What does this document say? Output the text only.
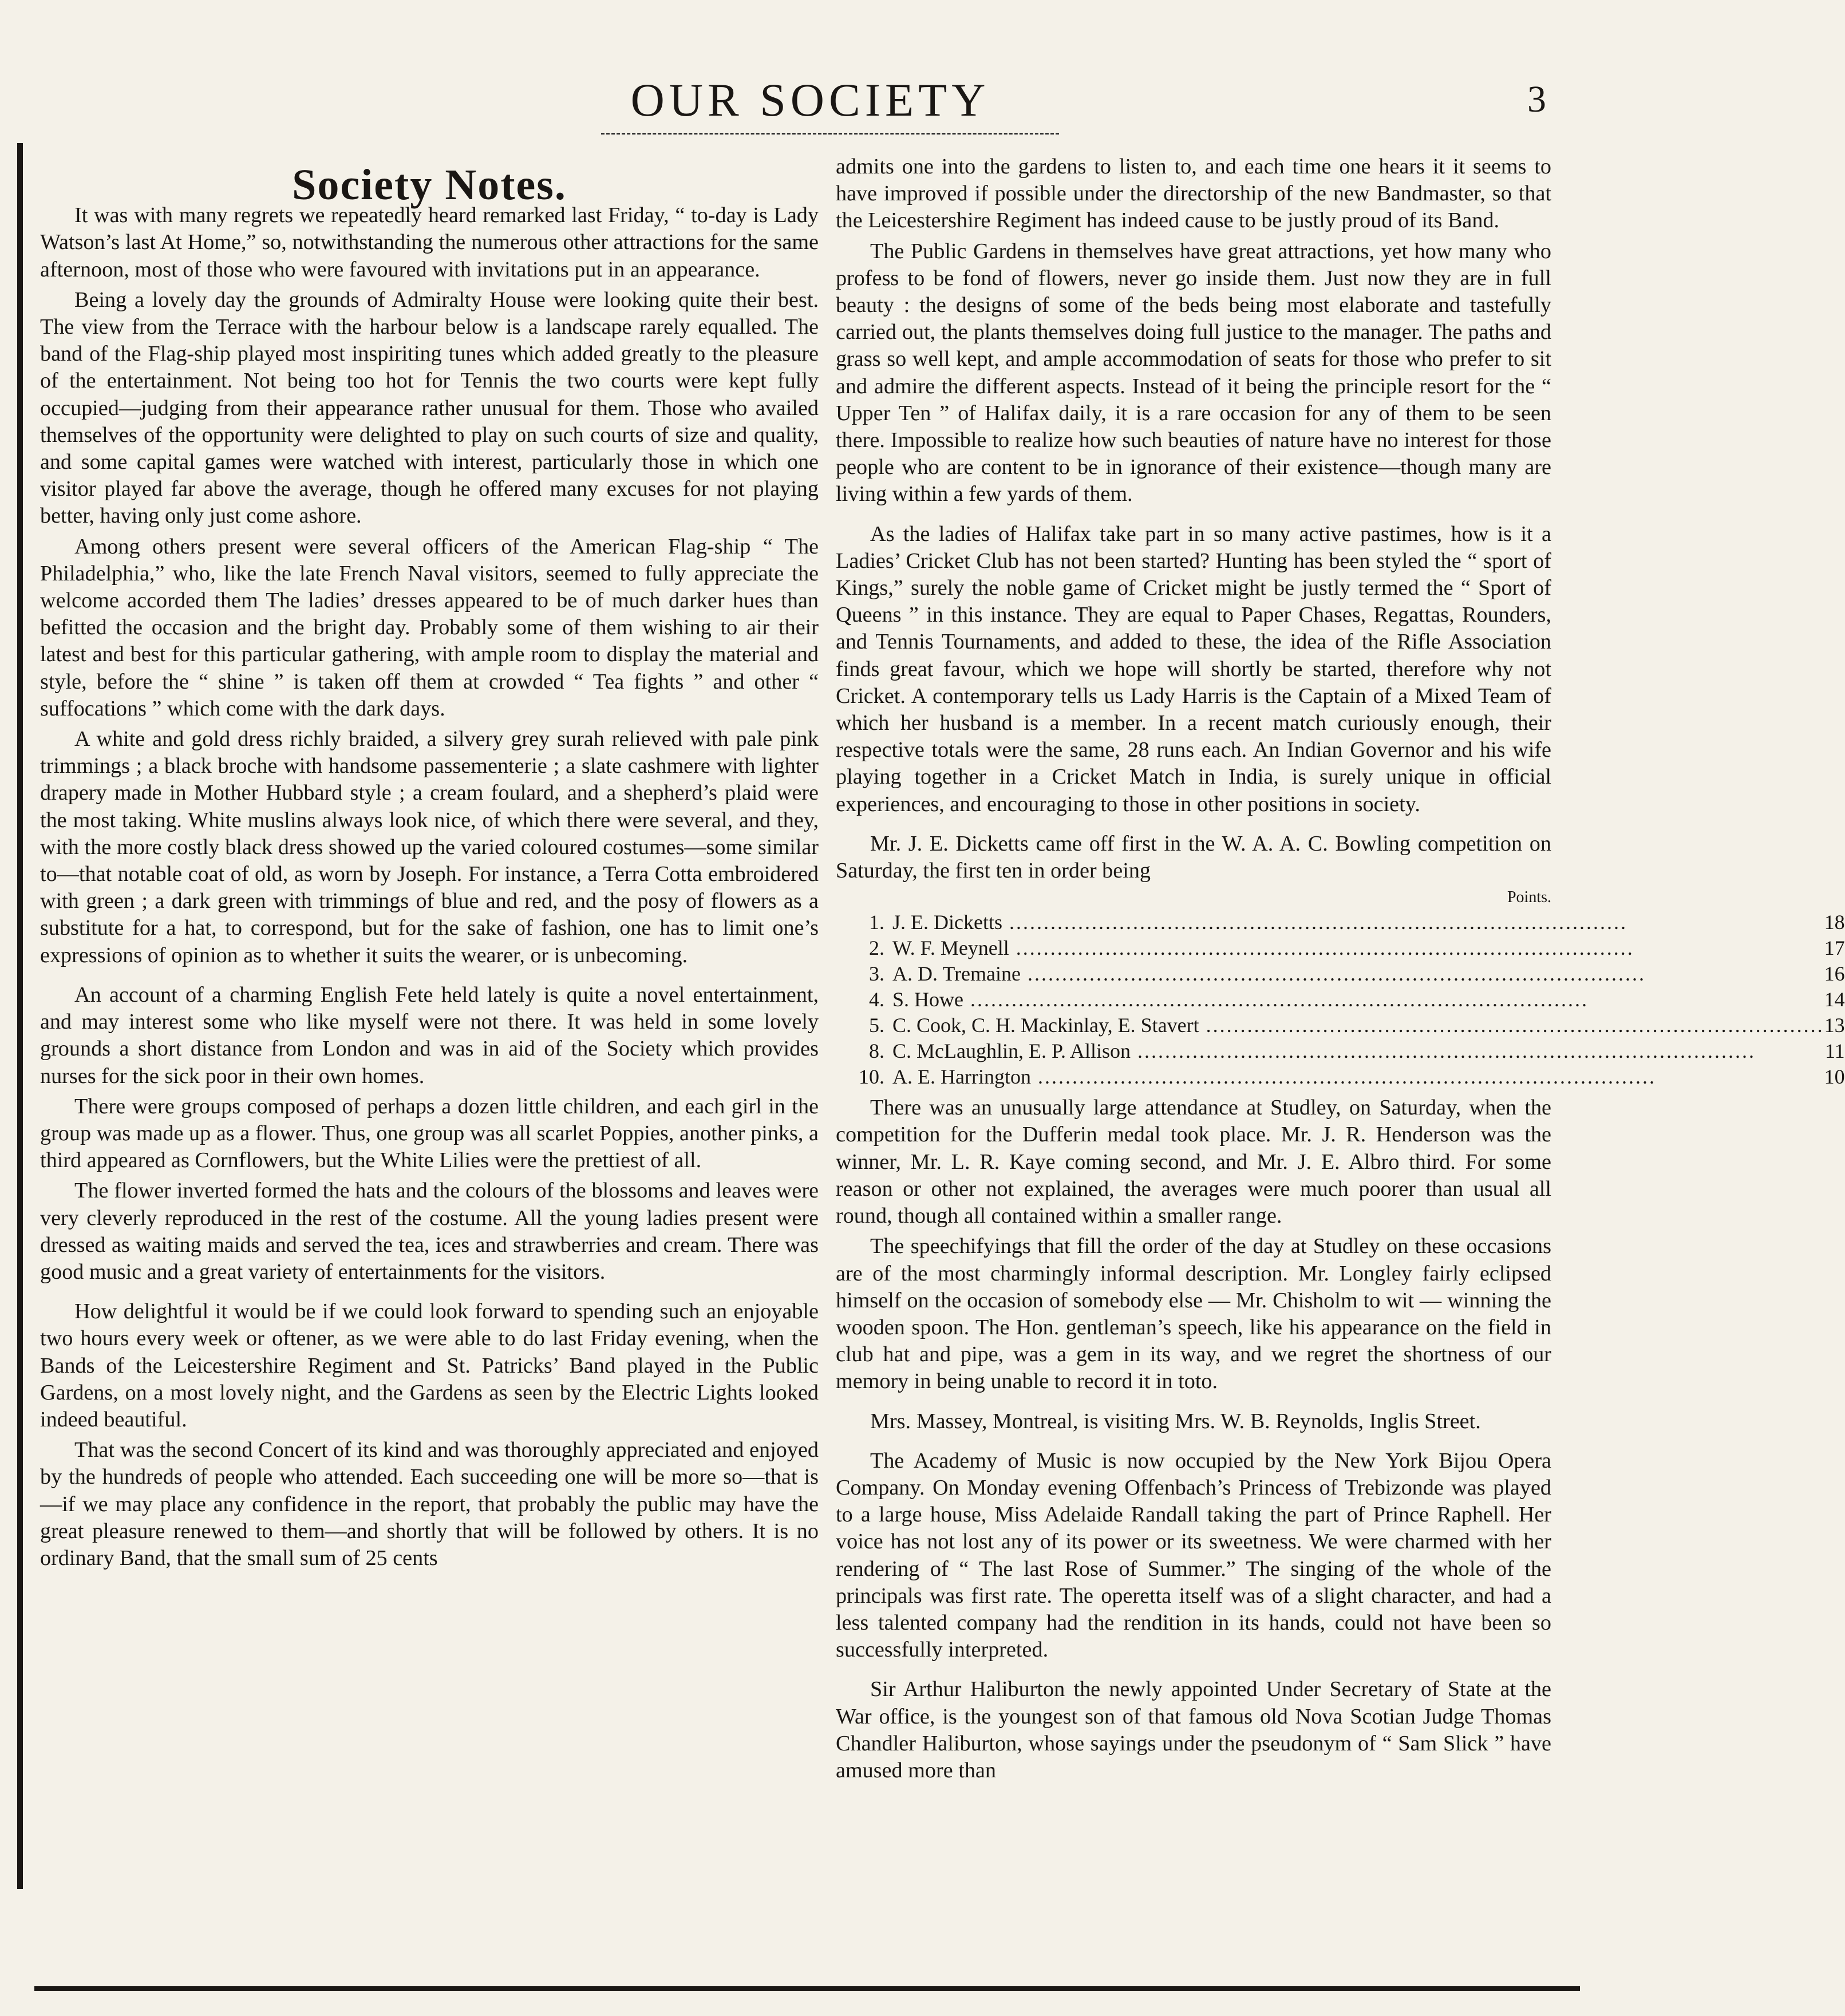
OUR SOCIETY	3

Society Notes.

It was with many regrets we repeatedly heard remarked last Friday, “ to-day is Lady Watson’s last At Home,” so, notwithstanding the numerous other attractions for the same afternoon, most of those who were favoured with invitations put in an appearance.

Being a lovely day the grounds of Admiralty House were looking quite their best. The view from the Terrace with the harbour below is a landscape rarely equalled. The band of the Flag-ship played most inspiriting tunes which added greatly to the pleasure of the entertainment. Not being too hot for Tennis the two courts were kept fully occupied—judging from their appearance rather unusual for them. Those who availed themselves of the opportunity were delighted to play on such courts of size and quality, and some capital games were watched with interest, particularly those in which one visitor played far above the average, though he offered many excuses for not playing better, having only just come ashore.

Among others present were several officers of the American Flag-ship “ The Philadelphia,” who, like the late French Naval visitors, seemed to fully appreciate the welcome accorded them The ladies’ dresses appeared to be of much darker hues than befitted the occasion and the bright day. Probably some of them wishing to air their latest and best for this particular gathering, with ample room to display the material and style, before the “ shine ” is taken off them at crowded “ Tea fights ” and other “ suffocations ” which come with the dark days.

A white and gold dress richly braided, a silvery grey surah relieved with pale pink trimmings ; a black broche with handsome passementerie ; a slate cashmere with lighter drapery made in Mother Hubbard style ; a cream foulard, and a shepherd’s plaid were the most taking. White muslins always look nice, of which there were several, and they, with the more costly black dress showed up the varied coloured costumes—some similar to—that notable coat of old, as worn by Joseph. For instance, a Terra Cotta embroidered with green ; a dark green with trimmings of blue and red, and the posy of flowers as a substitute for a hat, to correspond, but for the sake of fashion, one has to limit one’s expressions of opinion as to whether it suits the wearer, or is unbecoming.

An account of a charming English Fete held lately is quite a novel entertainment, and may interest some who like myself were not there. It was held in some lovely grounds a short distance from London and was in aid of the Society which provides nurses for the sick poor in their own homes.

There were groups composed of perhaps a dozen little children, and each girl in the group was made up as a flower. Thus, one group was all scarlet Poppies, another pinks, a third appeared as Cornflowers, but the White Lilies were the prettiest of all.

The flower inverted formed the hats and the colours of the blossoms and leaves were very cleverly reproduced in the rest of the costume. All the young ladies present were dressed as waiting maids and served the tea, ices and strawberries and cream. There was good music and a great variety of entertainments for the visitors.

How delightful it would be if we could look forward to spending such an enjoyable two hours every week or oftener, as we were able to do last Friday evening, when the Bands of the Leicestershire Regiment and St. Patricks’ Band played in the Public Gardens, on a most lovely night, and the Gardens as seen by the Electric Lights looked indeed beautiful.

That was the second Concert of its kind and was thoroughly appreciated and enjoyed by the hundreds of people who attended. Each succeeding one will be more so—that is—if we may place any confidence in the report, that probably the public may have the great pleasure renewed to them—and shortly that will be followed by others. It is no ordinary Band, that the small sum of 25 cents

admits one into the gardens to listen to, and each time one hears it it seems to have improved if possible under the directorship of the new Bandmaster, so that the Leicestershire Regiment has indeed cause to be justly proud of its Band.

The Public Gardens in themselves have great attractions, yet how many who profess to be fond of flowers, never go inside them. Just now they are in full beauty : the designs of some of the beds being most elaborate and tastefully carried out, the plants themselves doing full justice to the manager. The paths and grass so well kept, and ample accommodation of seats for those who prefer to sit and admire the different aspects. Instead of it being the principle resort for the “ Upper Ten ” of Halifax daily, it is a rare occasion for any of them to be seen there. Impossible to realize how such beauties of nature have no interest for those people who are content to be in ignorance of their existence—though many are living within a few yards of them.

As the ladies of Halifax take part in so many active pastimes, how is it a Ladies’ Cricket Club has not been started? Hunting has been styled the “ sport of Kings,” surely the noble game of Cricket might be justly termed the “ Sport of Queens ” in this instance. They are equal to Paper Chases, Regattas, Rounders, and Tennis Tournaments, and added to these, the idea of the Rifle Association finds great favour, which we hope will shortly be started, therefore why not Cricket. A contemporary tells us Lady Harris is the Captain of a Mixed Team of which her husband is a member. In a recent match curiously enough, their respective totals were the same, 28 runs each. An Indian Governor and his wife playing together in a Cricket Match in India, is surely unique in official experiences, and encouraging to those in other positions in society.

Mr. J. E. Dicketts came off first in the W. A. A. C. Bowling competition on Saturday, the first ten in order being

Points.
1.	J. E. Dicketts .....	18
2.	W. F. Meynell .....	17
3.	A. D. Tremaine .....	16
4.	S. Howe .....	14
5.	C. Cook, C. H. Mackinlay, E. Stavert .....	13
8.	C. McLaughlin, E. P. Allison .....	11
10.	A. E. Harrington .....	10

There was an unusually large attendance at Studley, on Saturday, when the competition for the Dufferin medal took place. Mr. J. R. Henderson was the winner, Mr. L. R. Kaye coming second, and Mr. J. E. Albro third. For some reason or other not explained, the averages were much poorer than usual all round, though all contained within a smaller range.

The speechifyings that fill the order of the day at Studley on these occasions are of the most charmingly informal description. Mr. Longley fairly eclipsed himself on the occasion of somebody else — Mr. Chisholm to wit — winning the wooden spoon. The Hon. gentleman’s speech, like his appearance on the field in club hat and pipe, was a gem in its way, and we regret the shortness of our memory in being unable to record it in toto.

Mrs. Massey, Montreal, is visiting Mrs. W. B. Reynolds, Inglis Street.

The Academy of Music is now occupied by the New York Bijou Opera Company. On Monday evening Offenbach’s Princess of Trebizonde was played to a large house, Miss Adelaide Randall taking the part of Prince Raphell. Her voice has not lost any of its power or its sweetness. We were charmed with her rendering of “ The last Rose of Summer.” The singing of the whole of the principals was first rate. The operetta itself was of a slight character, and had a less talented company had the rendition in its hands, could not have been so successfully interpreted.

Sir Arthur Haliburton the newly appointed Under Secretary of State at the War office, is the youngest son of that famous old Nova Scotian Judge Thomas Chandler Haliburton, whose sayings under the pseudonym of “ Sam Slick ” have amused more than
